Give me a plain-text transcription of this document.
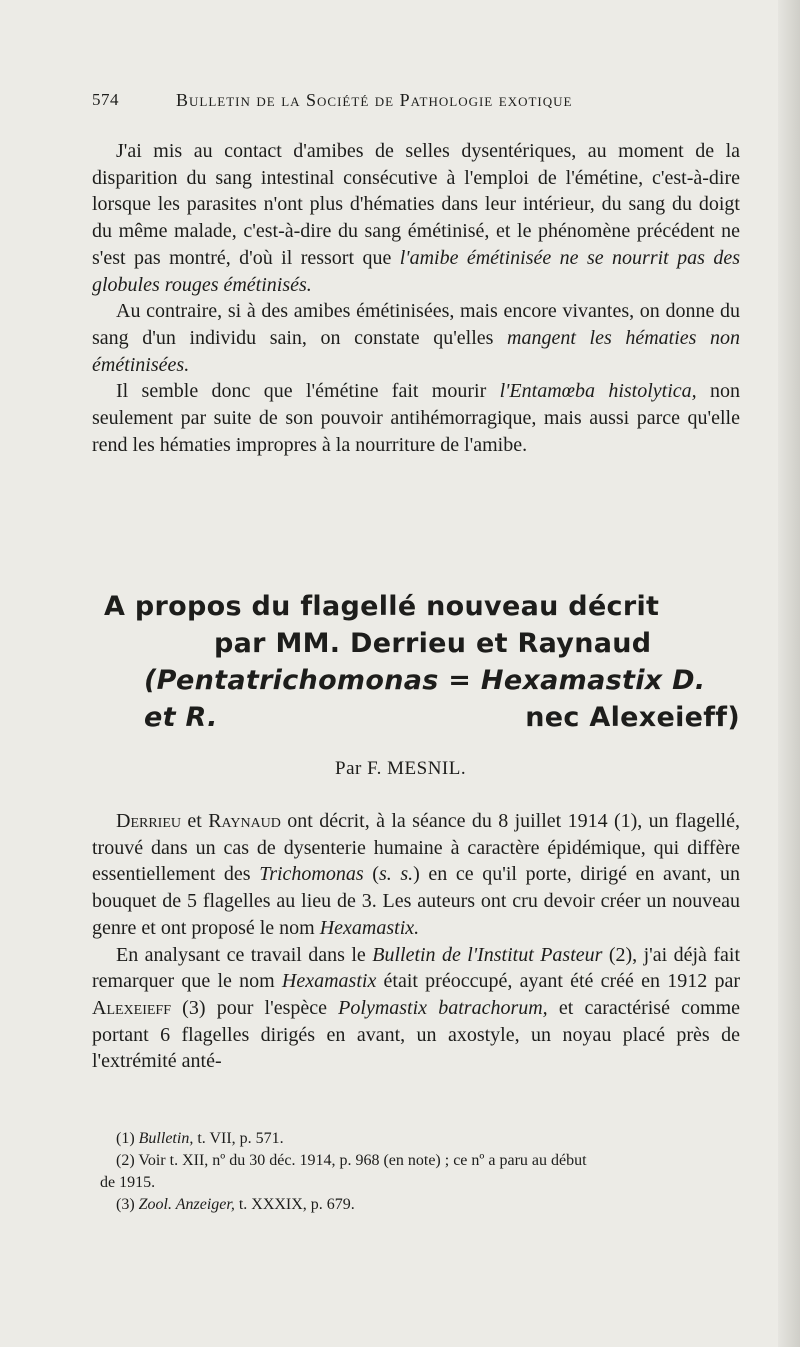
574	Bulletin de la Société de Pathologie exotique

J'ai mis au contact d'amibes de selles dysentériques, au moment de la disparition du sang intestinal consécutive à l'emploi de l'émétine, c'est-à-dire lorsque les parasites n'ont plus d'hématies dans leur intérieur, du sang du doigt du même malade, c'est-à-dire du sang émétinisé, et le phénomène précédent ne s'est pas montré, d'où il ressort que l'amibe émétinisée ne se nourrit pas des globules rouges émétinisés.

Au contraire, si à des amibes émétinisées, mais encore vivantes, on donne du sang d'un individu sain, on constate qu'elles mangent les hématies non émétinisées.

Il semble donc que l'émétine fait mourir l'Entamœba histolytica, non seulement par suite de son pouvoir antihémorragique, mais aussi parce qu'elle rend les hématies impropres à la nourriture de l'amibe.

A propos du flagellé nouveau décrit
par MM. Derrieu et Raynaud
(Pentatrichomonas = Hexamastix D. et R.	nec Alexeieff)
Par F. MESNIL.

Derrieu et Raynaud ont décrit, à la séance du 8 juillet 1914 (1), un flagellé, trouvé dans un cas de dysenterie humaine à caractère épidémique, qui diffère essentiellement des Trichomonas (s. s.) en ce qu'il porte, dirigé en avant, un bouquet de 5 flagelles au lieu de 3. Les auteurs ont cru devoir créer un nouveau genre et ont proposé le nom Hexamastix.

En analysant ce travail dans le Bulletin de l'Institut Pasteur (2), j'ai déjà fait remarquer que le nom Hexamastix était préoccupé, ayant été créé en 1912 par Alexeieff (3) pour l'espèce Polymastix batrachorum, et caractérisé comme portant 6 flagelles dirigés en avant, un axostyle, un noyau placé près de l'extrémité anté-

(1) Bulletin, t. VII, p. 571.
(2) Voir t. XII, nº du 30 déc. 1914, p. 968 (en note) ; ce nº a paru au début
de 1915.
(3) Zool. Anzeiger, t. XXXIX, p. 679.
